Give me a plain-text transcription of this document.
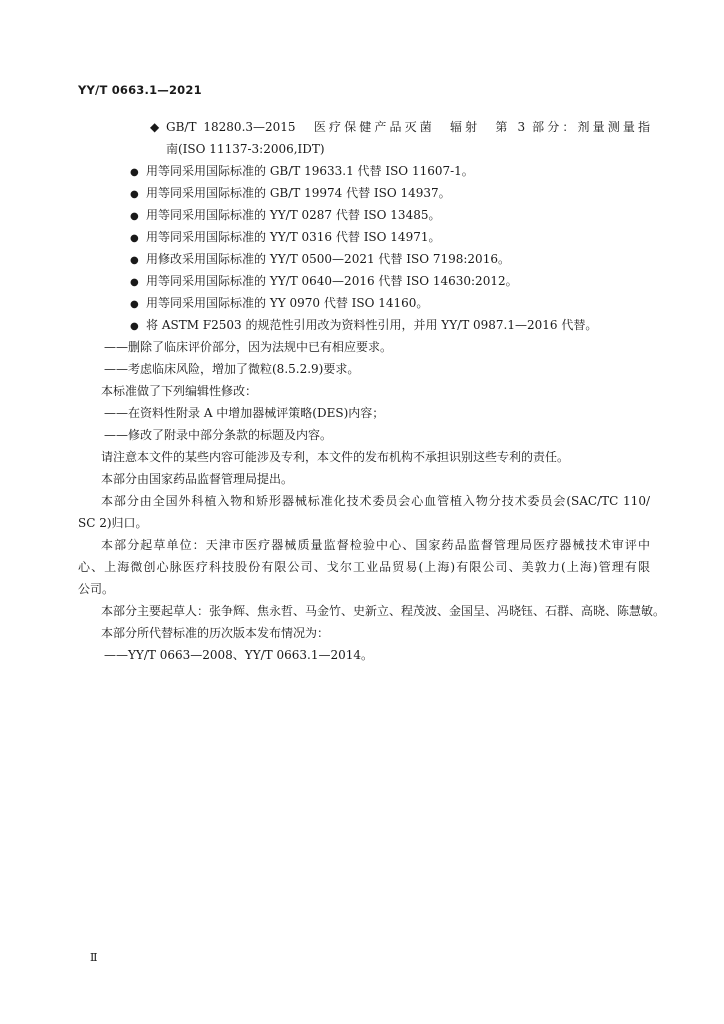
YY/T 0663.1—2021
◆ GB/T 18280.3—2015　医疗保健产品灭菌　辐射　第 3 部分：剂量测量指
南(ISO 11137-3:2006,IDT)
● 用等同采用国际标准的 GB/T 19633.1 代替 ISO 11607-1。
● 用等同采用国际标准的 GB/T 19974 代替 ISO 14937。
● 用等同采用国际标准的 YY/T 0287 代替 ISO 13485。
● 用等同采用国际标准的 YY/T 0316 代替 ISO 14971。
● 用修改采用国际标准的 YY/T 0500—2021 代替 ISO 7198:2016。
● 用等同采用国际标准的 YY/T 0640—2016 代替 ISO 14630:2012。
● 用等同采用国际标准的 YY 0970 代替 ISO 14160。
● 将 ASTM F2503 的规范性引用改为资料性引用，并用 YY/T 0987.1—2016 代替。
——删除了临床评价部分，因为法规中已有相应要求。
——考虑临床风险，增加了微粒(8.5.2.9)要求。
本标准做了下列编辑性修改：
——在资料性附录 A 中增加器械评策略(DES)内容；
——修改了附录中部分条款的标题及内容。
请注意本文件的某些内容可能涉及专利，本文件的发布机构不承担识别这些专利的责任。
本部分由国家药品监督管理局提出。
本部分由全国外科植入物和矫形器械标准化技术委员会心血管植入物分技术委员会(SAC/TC 110/
SC 2)归口。
本部分起草单位：天津市医疗器械质量监督检验中心、国家药品监督管理局医疗器械技术审评中
心、上海微创心脉医疗科技股份有限公司、戈尔工业品贸易(上海)有限公司、美敦力(上海)管理有限
公司。
本部分主要起草人：张争辉、焦永哲、马金竹、史新立、程茂波、金国呈、冯晓钰、石群、高晓、陈慧敏。
本部分所代替标准的历次版本发布情况为：
——YY/T 0663—2008、YY/T 0663.1—2014。
Ⅱ
